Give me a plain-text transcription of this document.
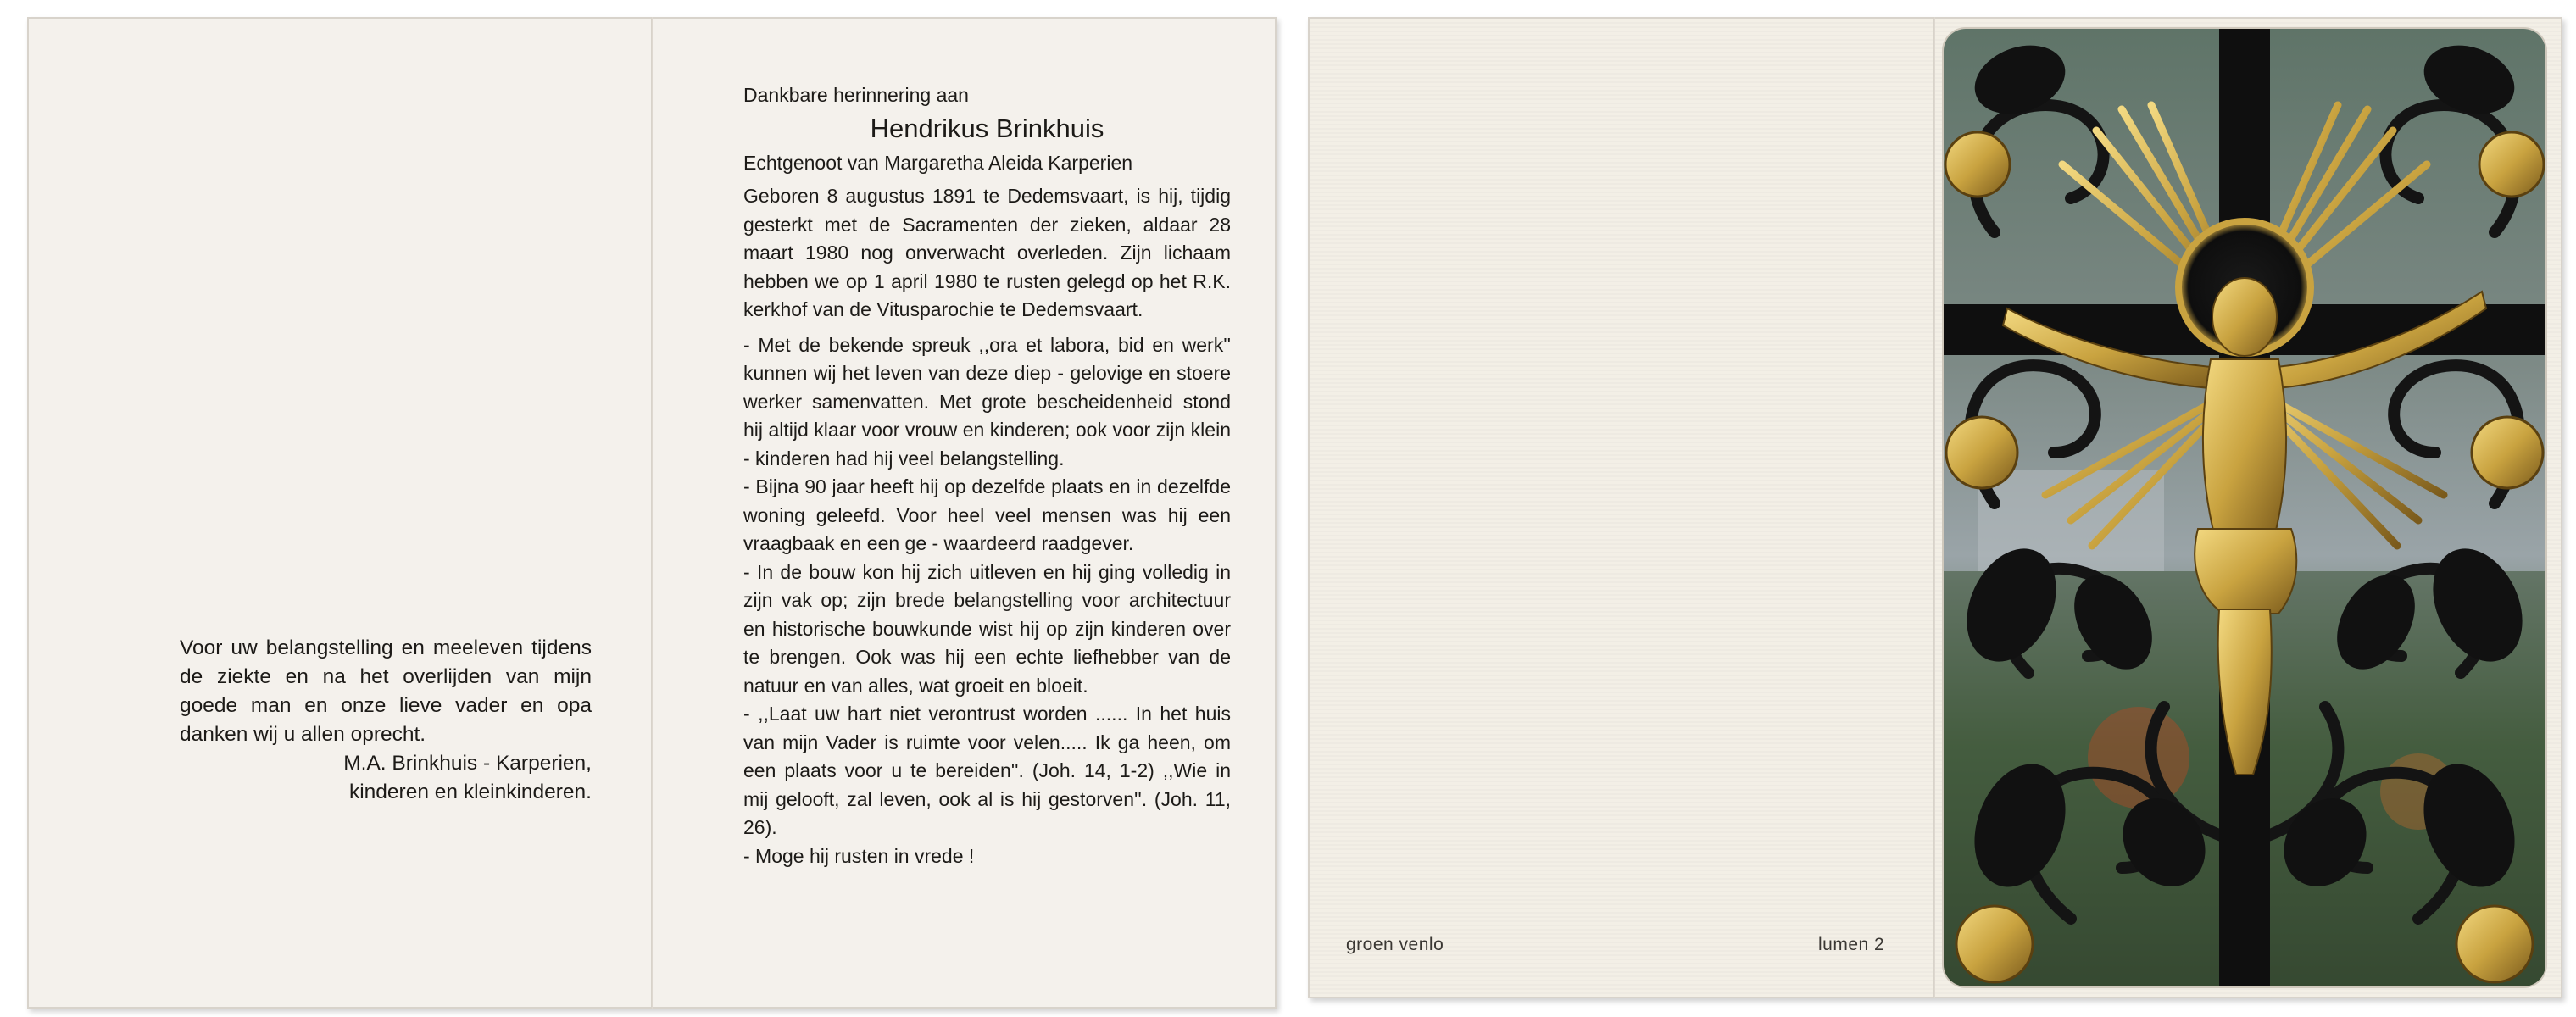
Voor uw belangstelling en meeleven tijdens de ziekte en na het overlijden van mijn goede man en onze lieve vader en opa danken wij u allen oprecht.
M.A. Brinkhuis - Karperien,
kinderen en kleinkinderen.
Dankbare herinnering aan
Hendrikus Brinkhuis
Echtgenoot van Margaretha Aleida Karperien

Geboren 8 augustus 1891 te Dedemsvaart, is hij, tijdig gesterkt met de Sacramenten der zieken, aldaar 28 maart 1980 nog onverwacht overleden. Zijn lichaam hebben we op 1 april 1980 te rusten gelegd op het R.K. kerkhof van de Vitusparochie te Dedemsvaart.

- Met de bekende spreuk ,,ora et labora, bid en werk'' kunnen wij het leven van deze diep - gelovige en stoere werker samenvatten. Met grote bescheidenheid stond hij altijd klaar voor vrouw en kinderen; ook voor zijn klein - kinderen had hij veel belangstelling.

- Bijna 90 jaar heeft hij op dezelfde plaats en in dezelfde woning geleefd. Voor heel veel mensen was hij een vraagbaak en een ge - waardeerd raadgever.

- In de bouw kon hij zich uitleven en hij ging volledig in zijn vak op; zijn brede belangstelling voor architectuur en historische bouwkunde wist hij op zijn kinderen over te brengen. Ook was hij een echte liefhebber van de natuur en van alles, wat groeit en bloeit.

- ,,Laat uw hart niet verontrust worden ...... In het huis van mijn Vader is ruimte voor velen..... Ik ga heen, om een plaats voor u te bereiden''. (Joh. 14, 1-2) ,,Wie in mij gelooft, zal leven, ook al is hij gestorven''. (Joh. 11, 26).

- Moge hij rusten in vrede !

groen venlo	lumen 2
